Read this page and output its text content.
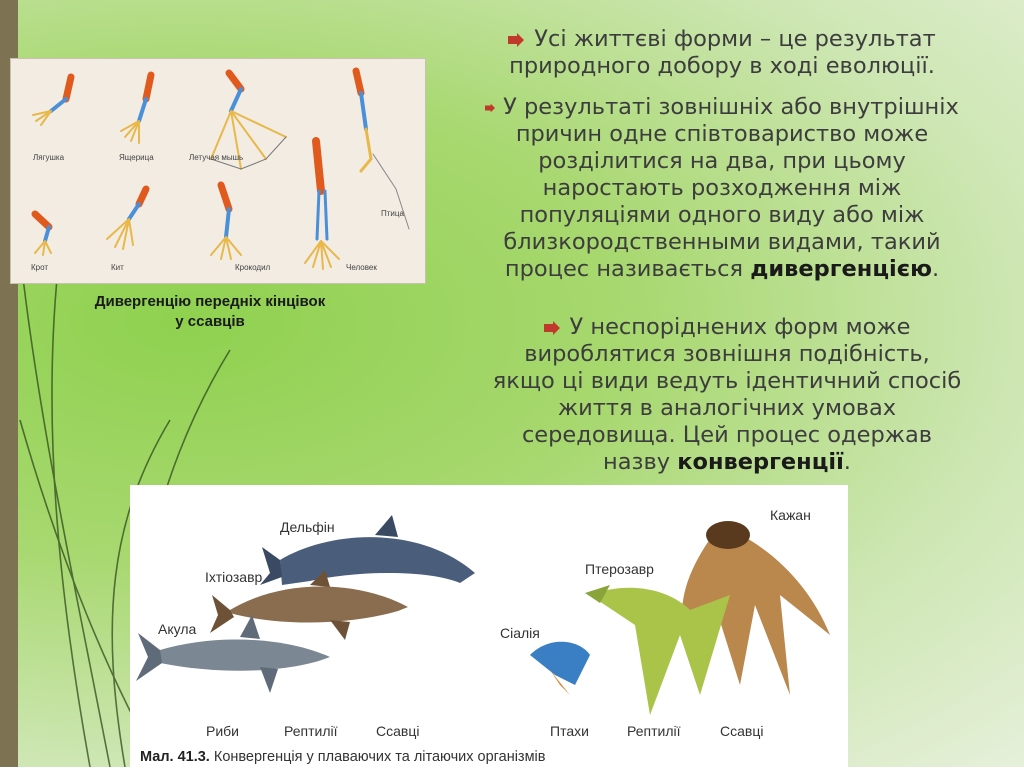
Лягушка	Ящерица	Летучая мышь
Птица
Крот	Кит	Крокодил	Человек
Дивергенцію передніх кінцівок
у ссавців
Усі життєві форми – це результат
природного добору в ході еволюції.
У результаті зовнішніх або внутрішніх
причин одне співтовариство може
розділитися на два, при цьому
наростають розходження між
популяціями одного виду або між
близкородственными видами, такий
процес називається дивергенцією.
У неспоріднених форм може
вироблятися зовнішня подібність,
якщо ці види ведуть ідентичний спосіб
життя в аналогічних умовах
середовища. Цей процес одержав
назву конвергенції.
Дельфін
Іхтіозавр
Акула
Кажан
Птерозавр
Сіалія
Риби	Рептилії	Ссавці	Птахи	Рептилії	Ссавці
Мал. 41.3. Конвергенція у плаваючих та літаючих організмів
